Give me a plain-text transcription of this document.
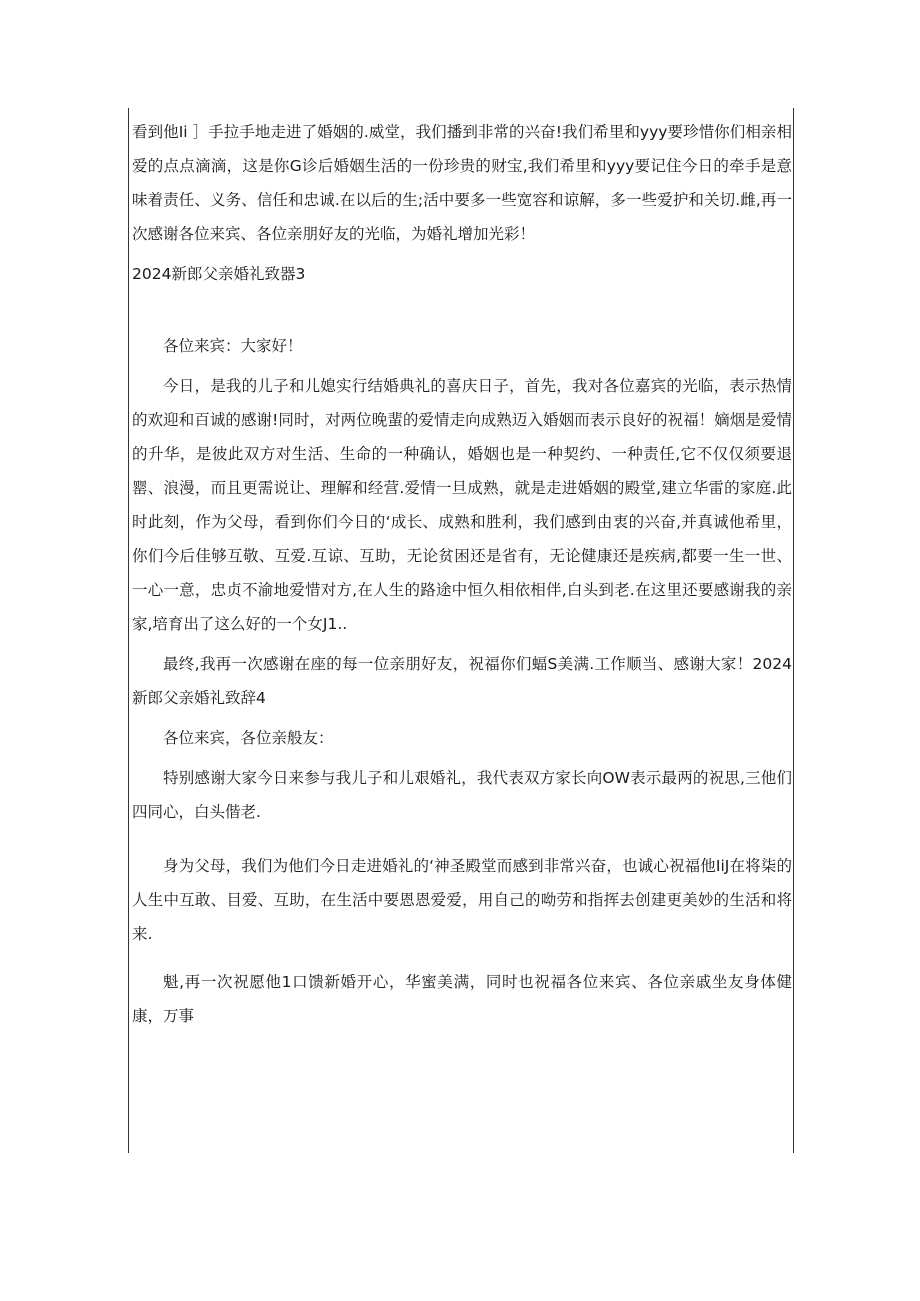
看到他Ii ］手拉手地走进了婚姻的.威堂，我们播到非常的兴奋!我们希里和yyy要珍惜你们相亲相爱的点点滴滴，这是你G诊后婚姻生活的一份珍贵的财宝,我们希里和yyy要记住今日的牵手是意味着责任、义务、信任和忠诚.在以后的生;活中要多一些宽容和谅解，多一些爱护和关切.雌,再一次感谢各位来宾、各位亲朋好友的光临，为婚礼增加光彩！

2024新郎父亲婚礼致器3

各位来宾：大家好！

今日，是我的儿子和儿媳实行结婚典礼的喜庆日子，首先，我对各位嘉宾的光临，表示热情的欢迎和百诚的感谢!同时，对两位晚蜚的爱情走向成熟迈入婚姻而表示良好的祝福！嫡烟是爱情的升华，是彼此双方对生活、生命的一种确认，婚姻也是一种契约、一种责任,它不仅仅须要退罂、浪漫，而且更需说让、理解和经营.爱情一旦成熟，就是走进婚姻的殿堂,建立华雷的家庭.此时此刻，作为父母，看到你们今日的‘成长、成熟和胜利，我们感到由衷的兴奋,并真诚他希里，你们今后佳够互敬、互爱.互谅、互助，无论贫困还是省有，无论健康还是疾病,都要一生一世、一心一意，忠贞不渝地爱惜对方,在人生的路途中恒久相依相伴,白头到老.在这里还要感谢我的亲家,培育出了这么好的一个女J1..

最终,我再一次感谢在座的每一位亲朋好友，祝福你们蝠S美满.工作顺当、感谢大家！2024新郎父亲婚礼致辞4

各位来宾，各位亲般友：

特别感谢大家今日来参与我儿子和儿艰婚礼，我代表双方家长向OW表示最两的祝思,三他们四同心，白头偕老.

身为父母，我们为他们今日走进婚礼的‘神圣殿堂而感到非常兴奋，也诚心祝福他IiJ在将柒的人生中互敢、目爱、互助，在生活中要恩恩爱爱，用自己的呦劳和指挥去创建更美妙的生活和将来.

魁,再一次祝愿他1口馈新婚开心，华蜜美满，同时也祝福各位来宾、各位亲戚坐友身体健康，万事
